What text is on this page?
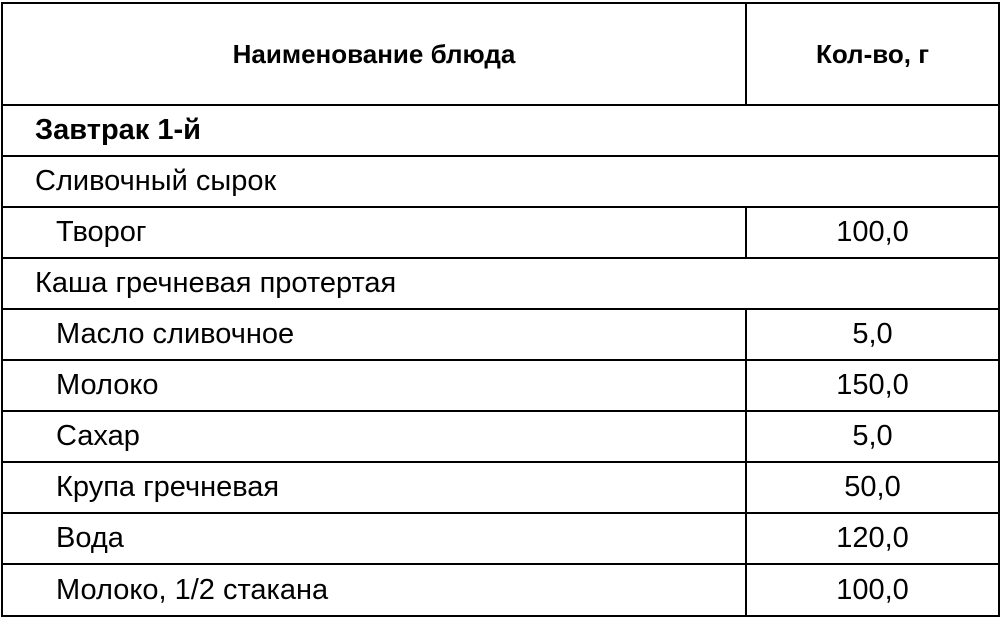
Наименование блюда	Кол-во, г
Завтрак 1-й	
Сливочный сырок	
Творог	100,0
Каша гречневая протертая	
Масло сливочное	5,0
Молоко	150,0
Сахар	5,0
Крупа гречневая	50,0
Вода	120,0
Молоко, 1/2 стакана	100,0
